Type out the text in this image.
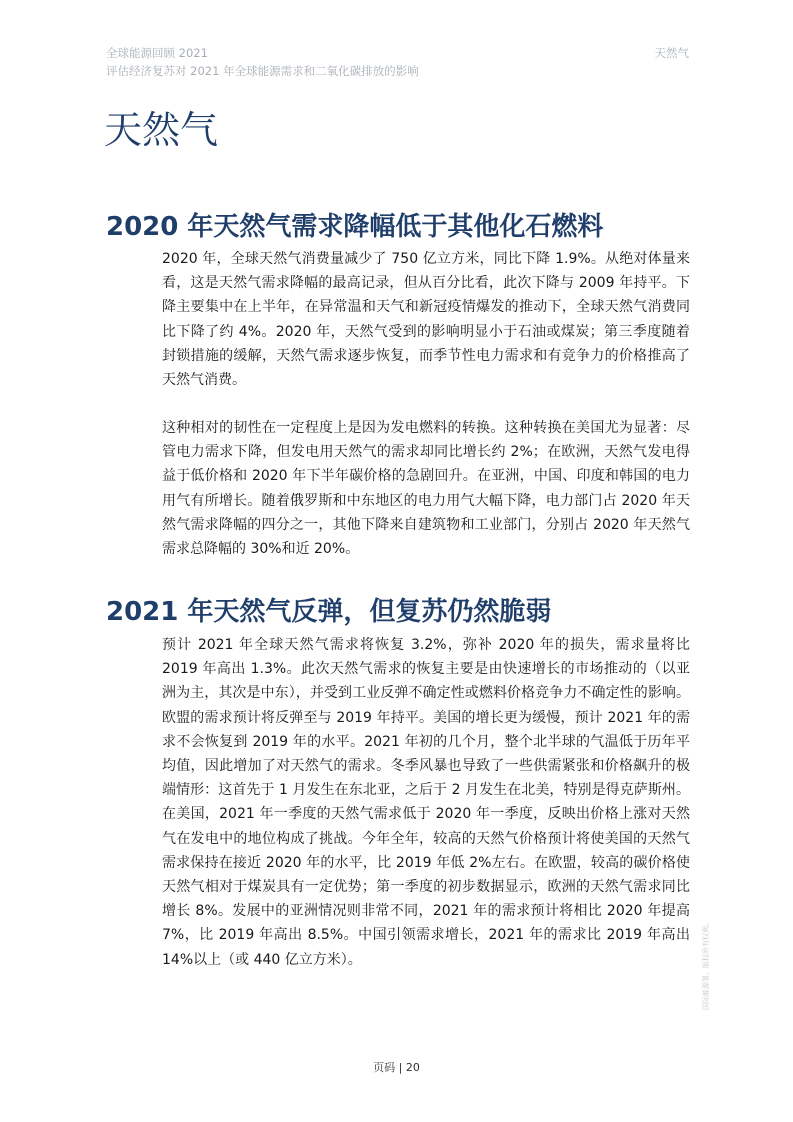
全球能源回顾 2021
评估经济复苏对 2021 年全球能源需求和二氧化碳排放的影响
天然气
天然气
2020 年天然气需求降幅低于其他化石燃料

2020 年，全球天然气消费量减少了 750 亿立方米，同比下降 1.9%。从绝对体量来看，这是天然气需求降幅的最高记录，但从百分比看，此次下降与 2009 年持平。下降主要集中在上半年，在异常温和天气和新冠疫情爆发的推动下，全球天然气消费同比下降了约 4%。2020 年，天然气受到的影响明显小于石油或煤炭；第三季度随着封锁措施的缓解，天然气需求逐步恢复，而季节性电力需求和有竞争力的价格推高了天然气消费。

这种相对的韧性在一定程度上是因为发电燃料的转换。这种转换在美国尤为显著：尽管电力需求下降，但发电用天然气的需求却同比增长约 2%；在欧洲，天然气发电得益于低价格和 2020 年下半年碳价格的急剧回升。在亚洲，中国、印度和韩国的电力用气有所增长。随着俄罗斯和中东地区的电力用气大幅下降，电力部门占 2020 年天然气需求降幅的四分之一，其他下降来自建筑物和工业部门，分别占 2020 年天然气需求总降幅的 30%和近 20%。

2021 年天然气反弹，但复苏仍然脆弱

预计 2021 年全球天然气需求将恢复 3.2%，弥补 2020 年的损失，需求量将比 2019 年高出 1.3%。此次天然气需求的恢复主要是由快速增长的市场推动的（以亚洲为主，其次是中东），并受到工业反弹不确定性或燃料价格竞争力不确定性的影响。欧盟的需求预计将反弹至与 2019 年持平。美国的增长更为缓慢，预计 2021 年的需求不会恢复到 2019 年的水平。2021 年初的几个月，整个北半球的气温低于历年平均值，因此增加了对天然气的需求。冬季风暴也导致了一些供需紧张和价格飙升的极端情形：这首先于 1 月发生在东北亚，之后于 2 月发生在北美，特别是得克萨斯州。在美国，2021 年一季度的天然气需求低于 2020 年一季度，反映出价格上涨对天然气在发电中的地位构成了挑战。今年全年，较高的天然气价格预计将使美国的天然气需求保持在接近 2020 年的水平，比 2019 年低 2%左右。在欧盟，较高的碳价格使天然气相对于煤炭具有一定优势；第一季度的初步数据显示，欧洲的天然气需求同比增长 8%。发展中的亚洲情况则非常不同，2021 年的需求预计将相比 2020 年提高 7%，比 2019 年高出 8.5%。中国引领需求增长，2021 年的需求比 2019 年高出 14%以上（或 440 亿立方米）。

页码 | 20
国际能源署。版权所有权利。
